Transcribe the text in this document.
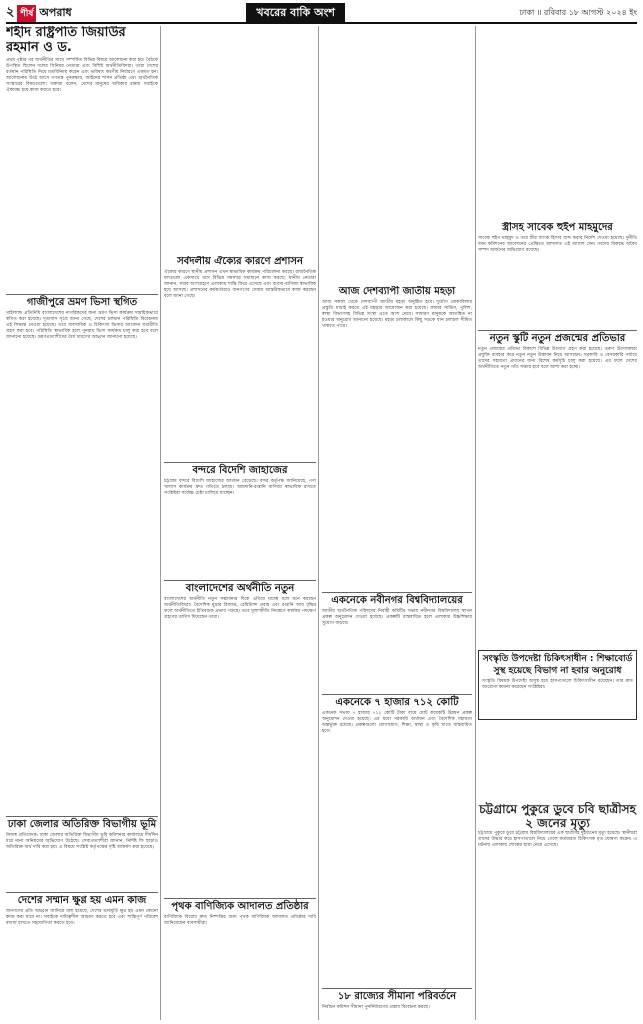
২ শীর্ষ অপরাধ	খবরের বাকি অংশ	ঢাকা ॥ রবিবার ১৮ আগস্ট ২০২৪ ইং
শহীদ রাষ্ট্রপতি জিয়াউর রহমান ও ড.
প্রথম পৃষ্ঠার পর অর্থনীতির সাথে সম্পর্কিত বিভিন্ন বিষয়ে আলোচনা করা হয়। বৈঠকে উপস্থিত ছিলেন দলের সিনিয়র নেতারা এবং বিশিষ্ট অর্থনীতিবিদরা। তারা দেশের বর্তমান পরিস্থিতি নিয়ে মতবিনিময় করেন এবং ভবিষ্যৎ করণীয় নির্ধারণে একমত হন। আলোচনায় উঠে আসে গণতন্ত্র পুনরুদ্ধার, আইনের শাসন প্রতিষ্ঠা এবং অর্থনৈতিক সংস্কারের বিষয়গুলো। বক্তারা বলেন, দেশের মানুষের অধিকার রক্ষায় সবাইকে ঐক্যবদ্ধ হয়ে কাজ করতে হবে।
গাজীপুরে ভ্রমণ ভিসা স্থগিত
থাইল্যান্ড প্রতিনিধি বাংলাদেশের নাগরিকদের জন্য ভ্রমণ ভিসা কার্যক্রম সাময়িকভাবে স্থগিত করা হয়েছে। দূতাবাস সূত্রে জানা গেছে, দেশের চলমান পরিস্থিতি বিবেচনায় এই সিদ্ধান্ত নেওয়া হয়েছে। তবে ব্যবসায়িক ও চিকিৎসা ভিসার আবেদন যথারীতি গ্রহণ করা হবে। পরিস্থিতি স্বাভাবিক হলে পুনরায় ভিসা কার্যক্রম চালু করা হবে বলে জানানো হয়েছে। ভ্রমণপ্রত্যাশীদের ধৈর্য ধারণের আহ্বান জানানো হয়েছে।
ঢাকা জেলার অতিরিক্ত বিভাগীয় ভূমি
নিজস্ব প্রতিবেদক: ঢাকা জেলার অতিরিক্ত বিভাগীয় ভূমি কমিশনার কার্যালয়ে দীর্ঘদিন ধরে নানা অনিয়মের অভিযোগ উঠেছে। সেবাপ্রত্যাশীরা জানান, নির্দিষ্ট ফি ছাড়াও অতিরিক্ত অর্থ দাবি করা হয়। এ বিষয়ে সংশ্লিষ্ট কর্তৃপক্ষের দৃষ্টি আকর্ষণ করা হয়েছে।
দেশের সম্মান ক্ষুণ্ণ হয় এমন কাজ
জনগণের প্রতি আহ্বান জানিয়ে বলা হয়েছে, দেশের ভাবমূর্তি ক্ষুণ্ণ হয় এমন কোনো কাজ করা যাবে না। সবাইকে দায়িত্বশীল আচরণ করতে হবে এবং শান্তিপূর্ণ পরিবেশ বজায় রাখতে সহযোগিতা করতে হবে।
সর্বদলীয় ঐক্যের কারণে প্রশাসন
ঐক্যের কারণে স্থানীয় প্রশাসন এখন স্বাভাবিক কার্যক্রম পরিচালনা করছে। রাজনৈতিক দলগুলো একসাথে বসে বিভিন্ন সমস্যার সমাধানে কাজ করছে। স্থানীয় নেতারা জানান, সবার অংশগ্রহণে এলাকায় শান্তি ফিরে এসেছে এবং ব্যবসা-বাণিজ্য স্বাভাবিক হয়ে আসছে। প্রশাসনের কর্মকর্তারাও জনগণের সেবায় আন্তরিকভাবে কাজ করছেন বলে জানা গেছে।
বন্দরে বিদেশি জাহাজের
চট্টগ্রাম বন্দরে বিদেশি জাহাজের আগমন বেড়েছে। বন্দর কর্তৃপক্ষ জানিয়েছে, পণ্য খালাস কার্যক্রম দ্রুত গতিতে চলছে। আমদানি-রপ্তানি বাণিজ্য স্বাভাবিক রাখতে সংশ্লিষ্টরা সর্বোচ্চ চেষ্টা চালিয়ে যাচ্ছেন।
বাংলাদেশের অর্থনীতি নতুন
বাংলাদেশের অর্থনীতি নতুন সম্ভাবনার দিকে এগিয়ে যাচ্ছে বলে মনে করছেন অর্থনীতিবিদরা। বৈদেশিক মুদ্রার রিজার্ভ, রেমিট্যান্স প্রবাহ এবং রপ্তানি আয় বৃদ্ধির ফলে অর্থনীতিতে ইতিবাচক প্রভাব পড়ছে। তবে মূল্যস্ফীতি নিয়ন্ত্রণে কার্যকর পদক্ষেপ গ্রহণের তাগিদ দিয়েছেন তারা।
পৃথক বাণিজ্যিক আদালত প্রতিষ্ঠার
বাণিজ্যিক বিরোধ দ্রুত নিষ্পত্তির জন্য পৃথক বাণিজ্যিক আদালত প্রতিষ্ঠার দাবি জানিয়েছেন ব্যবসায়ীরা।
আজ দেশব্যাপী জাতীয় মহড়া
আজ সকাল থেকে দেশব্যাপী জাতীয় মহড়া অনুষ্ঠিত হবে। দুর্যোগ মোকাবিলার প্রস্তুতি যাচাই করতে এই মহড়ার আয়োজন করা হয়েছে। ফায়ার সার্ভিস, পুলিশ, স্বাস্থ্য বিভাগসহ বিভিন্ন সংস্থা এতে অংশ নেবে। সাধারণ মানুষকে আতঙ্কিত না হওয়ার অনুরোধ জানানো হয়েছে। মহড়া চলাকালে কিছু সড়কে যান চলাচল সীমিত থাকতে পারে।
একনেকে নবীনগর বিশ্ববিদ্যালয়ের
জাতীয় অর্থনৈতিক পরিষদের নির্বাহী কমিটির সভায় নবীনগর বিশ্ববিদ্যালয় স্থাপন প্রকল্প অনুমোদন দেওয়া হয়েছে। প্রকল্পটি বাস্তবায়িত হলে এলাকার উচ্চশিক্ষার সুযোগ বাড়বে।
একনেকে ৭ হাজার ৭১২ কোটি
একনেক সভায় ৭ হাজার ৭১২ কোটি টাকা ব্যয়ে মোট কয়েকটি উন্নয়ন প্রকল্প অনুমোদন দেওয়া হয়েছে। এর মধ্যে সরকারি অর্থায়ন এবং বৈদেশিক সহায়তা অন্তর্ভুক্ত রয়েছে। প্রকল্পগুলো যোগাযোগ, শিক্ষা, স্বাস্থ্য ও কৃষি খাতে বাস্তবায়িত হবে।
১৮ রাজ্যের সীমানা পরিবর্তনে
নির্বাচন কমিশন সীমানা পুনর্নির্ধারণের প্রস্তাব বিবেচনা করছে।
স্ত্রীসহ সাবেক হুইপ মাহমুদের
সাবেক হুইপ মাহমুদ ও তার স্ত্রীর ব্যাংক হিসাব জব্দ করার নির্দেশ দেওয়া হয়েছে। দুর্নীতি দমন কমিশনের আবেদনের প্রেক্ষিতে আদালত এই আদেশ দেন। তাদের বিরুদ্ধে অবৈধ সম্পদ অর্জনের অভিযোগ রয়েছে।
নতুন স্কুটি নতুন প্রজন্মের প্রতিভার
নতুন প্রজন্মের প্রতিভা বিকাশে বিভিন্ন উদ্যোগ গ্রহণ করা হয়েছে। তরুণ উদ্যোক্তারা প্রযুক্তি ব্যবহার করে নতুন নতুন উদ্ভাবন নিয়ে আসছেন। সরকারি ও বেসরকারি পর্যায়ে তাদের সহায়তা প্রদানের জন্য বিশেষ কর্মসূচি চালু করা হয়েছে। এর ফলে দেশের অর্থনীতিতে নতুন গতি সঞ্চার হবে বলে আশা করা হচ্ছে।
সংস্কৃতি উপদেষ্টা চিকিৎসাধীন : শিক্ষাবোর্ড
সুস্থ হয়েছে বিভাগ না হবার অনুরোধ
সংস্কৃতি বিষয়ক উপদেষ্টা অসুস্থ হয়ে হাসপাতালে চিকিৎসাধীন রয়েছেন। তার দ্রুত আরোগ্য কামনা করেছেন সংশ্লিষ্টরা।
চট্টগ্রামে পুকুরে ডুবে চবি ছাত্রীসহ ২ জনের মৃত্যু
চট্টগ্রামে পুকুরে ডুবে চট্টগ্রাম বিশ্ববিদ্যালয়ের এক ছাত্রীসহ দুইজনের মৃত্যু হয়েছে। স্থানীয়রা তাদের উদ্ধার করে হাসপাতালে নিয়ে গেলে কর্তব্যরত চিকিৎসক মৃত ঘোষণা করেন। এ ঘটনায় এলাকায় শোকের ছায়া নেমে এসেছে।
